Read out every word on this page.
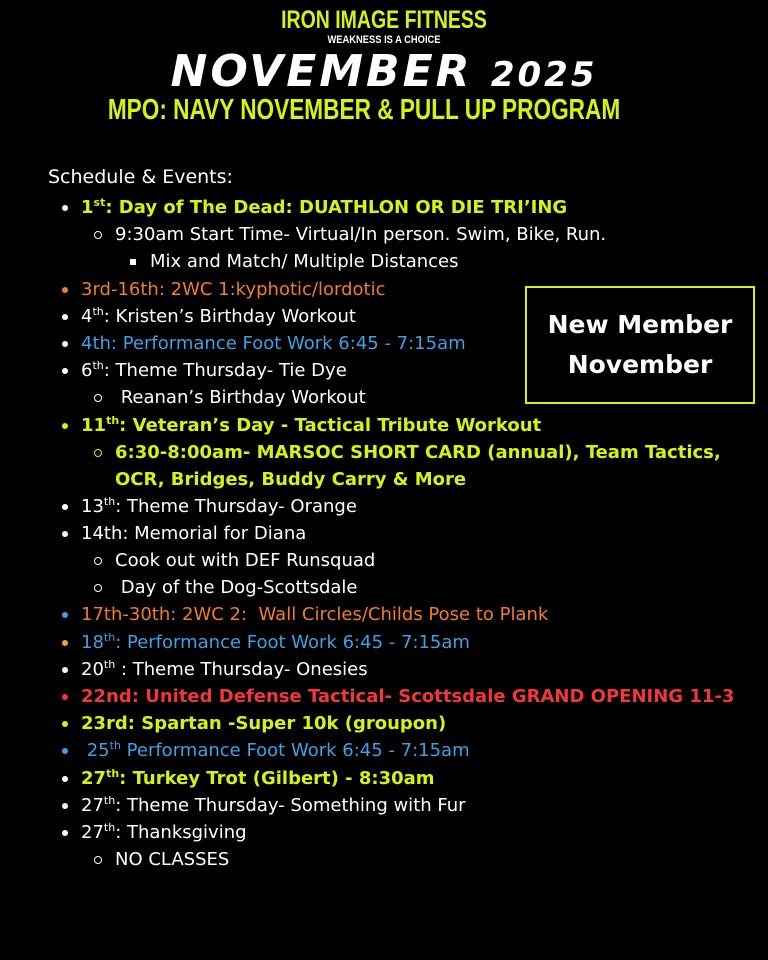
IRON IMAGE FITNESS
WEAKNESS IS A CHOICE
NOVEMBER 2025
MPO: NAVY NOVEMBER & PULL UP PROGRAM
Schedule & Events:
1st: Day of The Dead: DUATHLON OR DIE TRI’ING
9:30am Start Time- Virtual/In person. Swim, Bike, Run.
Mix and Match/ Multiple Distances
3rd-16th: 2WC 1:kyphotic/lordotic
4th: Kristen’s Birthday Workout
4th: Performance Foot Work 6:45 - 7:15am
6th: Theme Thursday- Tie Dye
Reanan’s Birthday Workout
11th: Veteran’s Day - Tactical Tribute Workout
6:30-8:00am- MARSOC SHORT CARD (annual), Team Tactics,   OCR, Bridges, Buddy Carry & More
13th: Theme Thursday- Orange
14th: Memorial for Diana
Cook out with DEF Runsquad
Day of the Dog-Scottsdale
17th-30th: 2WC 2:  Wall Circles/Childs Pose to Plank
18th: Performance Foot Work 6:45 - 7:15am
20th : Theme Thursday- Onesies
22nd: United Defense Tactical- Scottsdale GRAND OPENING 11-3
23rd: Spartan -Super 10k (groupon)
25th Performance Foot Work 6:45 - 7:15am
27th: Turkey Trot (Gilbert) - 8:30am
27th: Theme Thursday- Something with Fur
27th: Thanksgiving
NO CLASSES
New Member
November
